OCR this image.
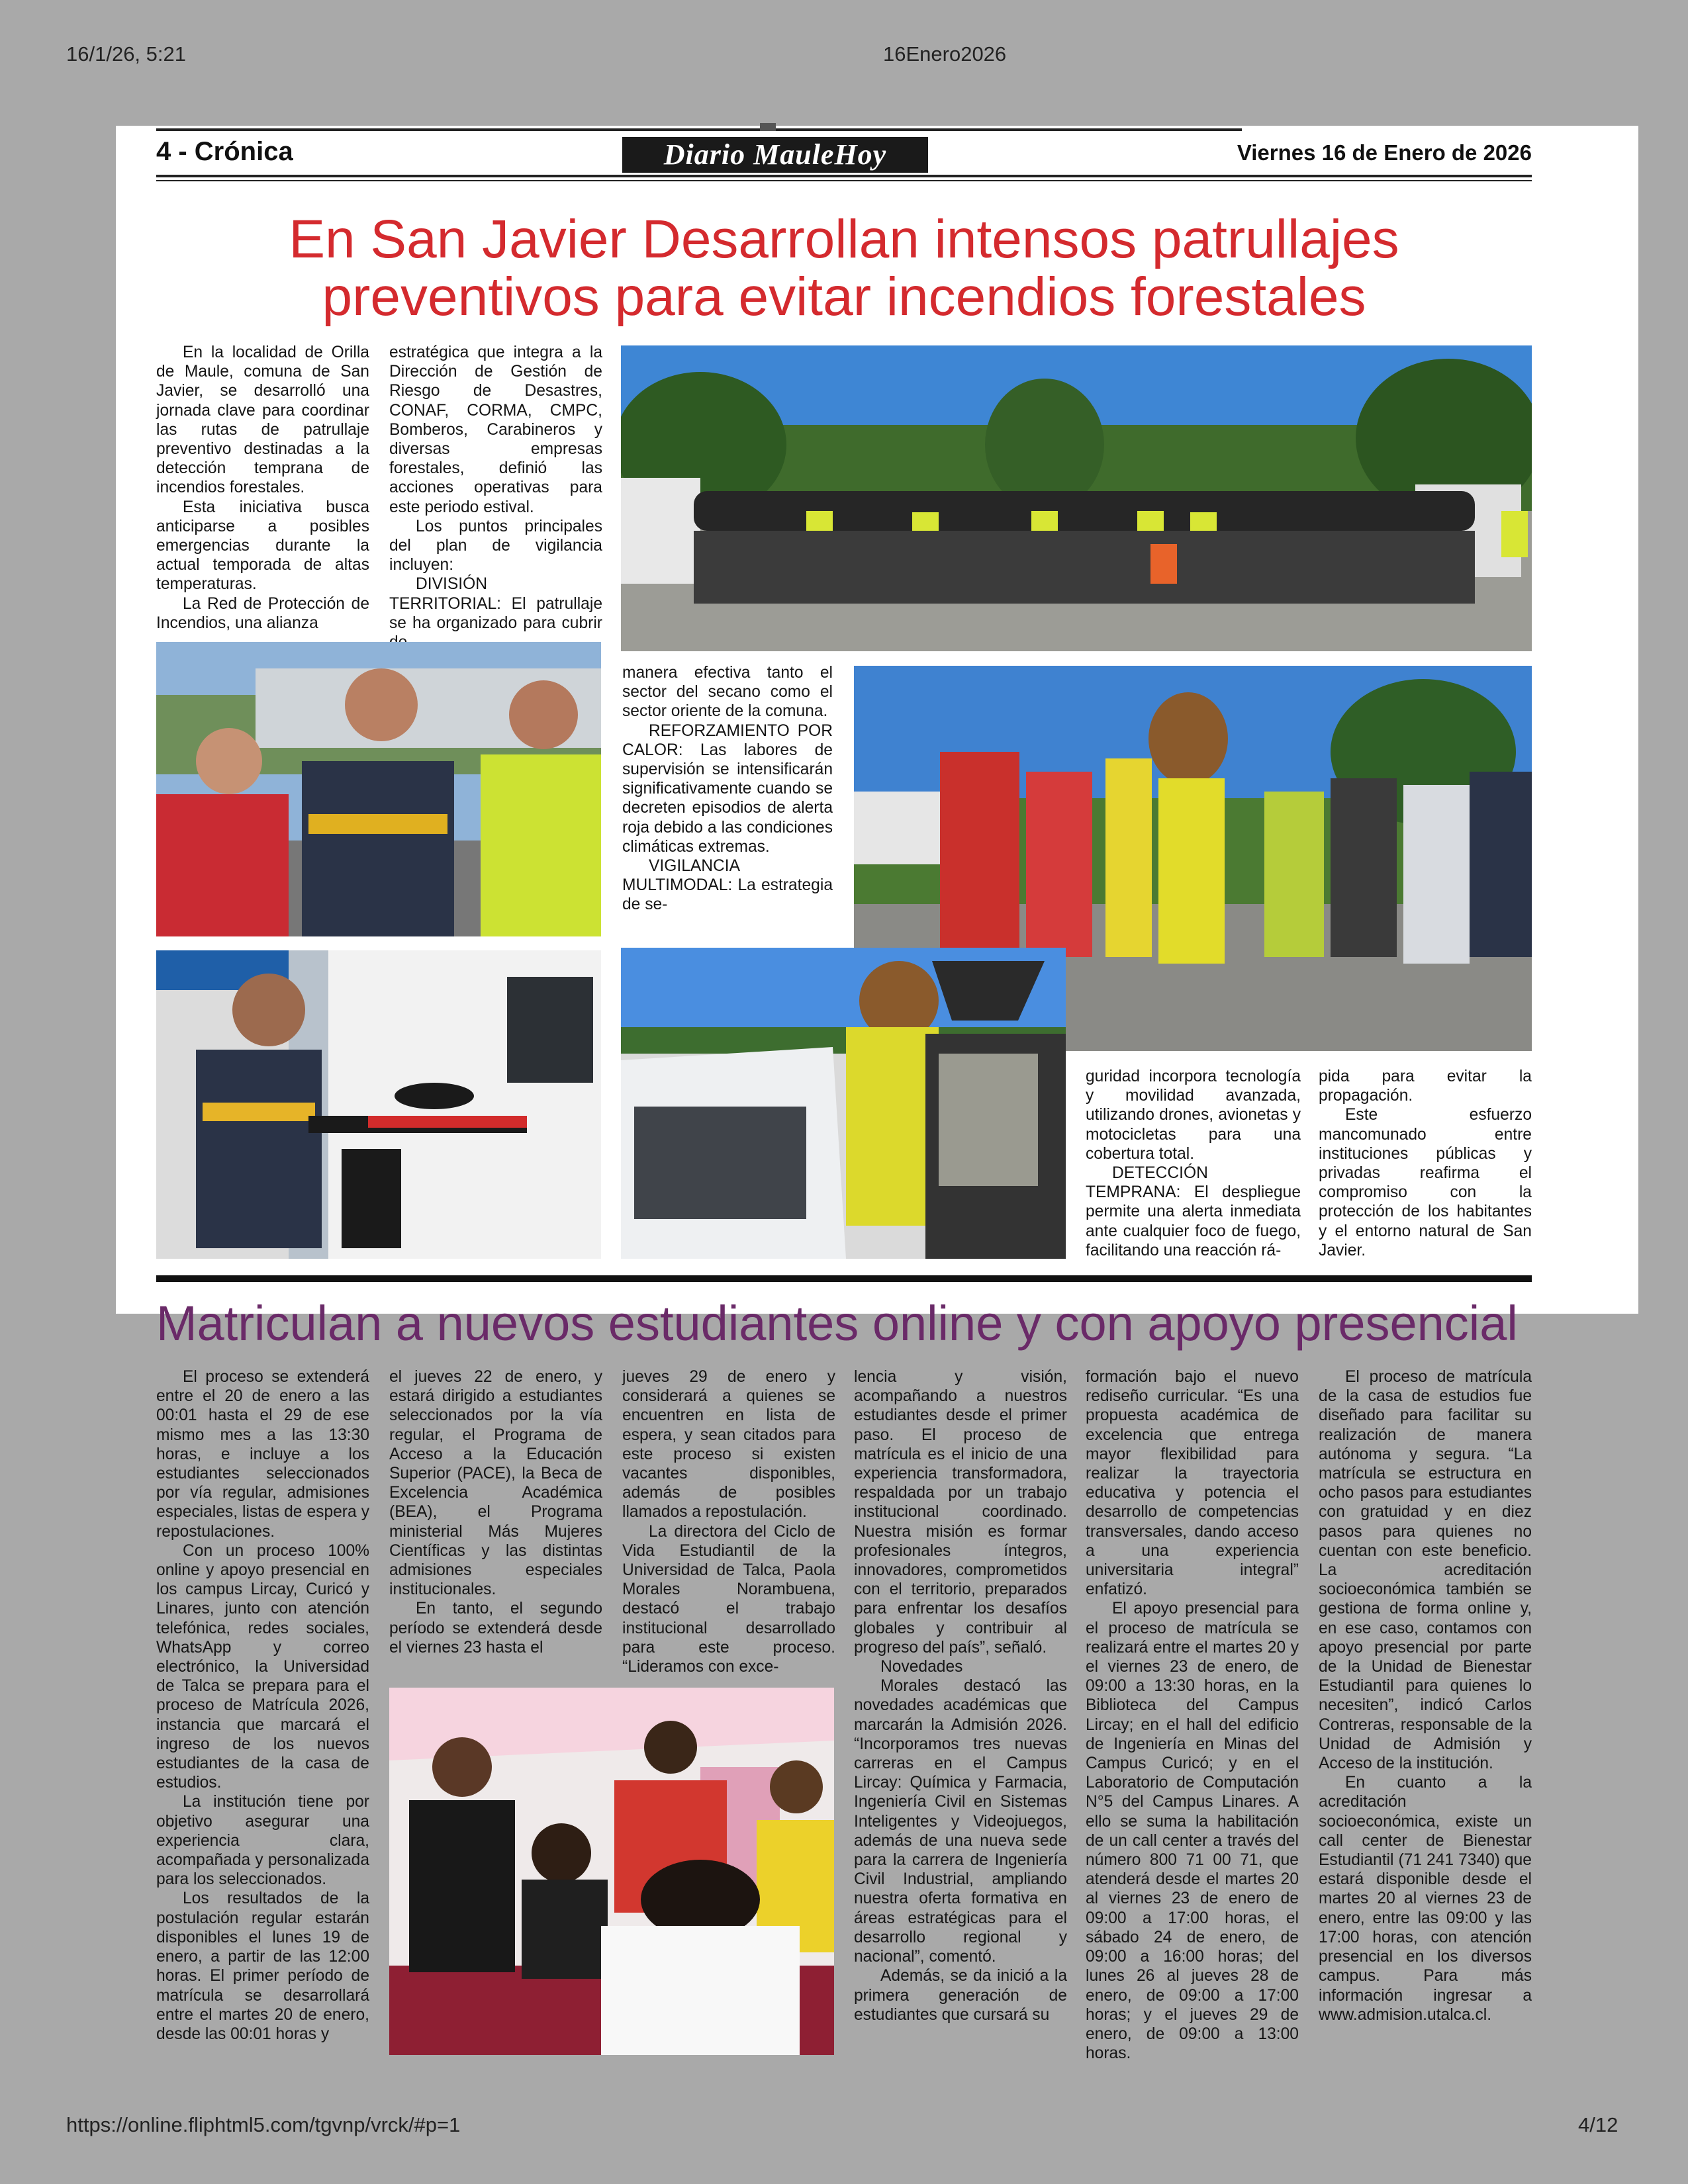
16/1/26, 5:21	16Enero2026
4 - Crónica	Diario MauleHoy	Viernes 16 de Enero de 2026
En San Javier Desarrollan intensos patrullajes
preventivos para evitar incendios forestales

En la localidad de Orilla de Maule, comuna de San Javier, se desarrolló una jornada clave para coordinar las rutas de patrullaje preventivo destinadas a la detección temprana de incendios forestales.

Esta iniciativa busca anticiparse a posibles emergencias durante la actual temporada de altas temperaturas.

La Red de Protección de Incendios, una alianza

estratégica que integra a la Dirección de Gestión de Riesgo de Desastres, CONAF, CORMA, CMPC, Bomberos, Carabineros y diversas empresas forestales, definió las acciones operativas para este periodo estival.

Los puntos principales del plan de vigilancia incluyen:

DIVISIÓN TERRITORIAL: El patrullaje se ha organizado para cubrir

manera efectiva tanto el sector del secano como el sector oriente de la comuna.

REFORZAMIENTO POR CALOR: Las labores de supervisión se intensificarán significativamente cuando se decreten episodios de alerta roja debido a las condiciones climáticas extremas.

VIGILANCIA MULTIMODAL: La estrategia de se-

guridad incorpora tecnología y movilidad avanzada, utilizando drones, avionetas y motocicletas para una cobertura total.

DETECCIÓN TEMPRANA: El despliegue permite una alerta inmediata ante cualquier foco de fuego, facilitando una reacción rá-

pida para evitar la propagación.

Este esfuerzo mancomunado entre instituciones públicas y privadas reafirma el compromiso con la protección de los habitantes y el entorno natural de San Javier.

Matriculan a nuevos estudiantes online y con apoyo presencial

El proceso se extenderá entre el 20 de enero a las 00:01 hasta el 29 de ese mismo mes a las 13:30 horas, e incluye a los estudiantes seleccionados por vía regular, admisiones especiales, listas de espera y repostulaciones.

Con un proceso 100% online y apoyo presencial en los campus Lircay, Curicó y Linares, junto con atención telefónica, redes sociales, WhatsApp y correo electrónico, la Universidad de Talca se prepara para el proceso de Matrícula 2026, instancia que marcará el ingreso de los nuevos estudiantes de la casa de estudios.

La institución tiene por objetivo asegurar una experiencia clara, acompañada y personalizada para los seleccionados.

Los resultados de la postulación regular estarán disponibles el lunes 19 de enero, a partir de las 12:00 horas. El primer período de matrícula se desarrollará entre el martes 20 de enero, desde las 00:01 horas y

el jueves 22 de enero, y estará dirigido a estudiantes seleccionados por la vía regular, el Programa de Acceso a la Educación Superior (PACE), la Beca de Excelencia Académica (BEA), el Programa ministerial Más Mujeres Científicas y las distintas admisiones especiales institucionales.

En tanto, el segundo período se extenderá desde el viernes 23 hasta el

jueves 29 de enero y considerará a quienes se encuentren en lista de espera, y sean citados para este proceso si existen vacantes disponibles, además de posibles llamados a repostulación.

La directora del Ciclo de Vida Estudiantil de la Universidad de Talca, Paola Morales Norambuena, destacó el trabajo institucional desarrollado para este proceso. “Lideramos con exce-

lencia y visión, acompañando a nuestros estudiantes desde el primer paso. El proceso de matrícula es el inicio de una experiencia transformadora, respaldada por un trabajo institucional coordinado. Nuestra misión es formar profesionales íntegros, innovadores, comprometidos con el territorio, preparados para enfrentar los desafíos globales y contribuir al progreso del país”, señaló.

Novedades

Morales destacó las novedades académicas que marcarán la Admisión 2026. “Incorporamos tres nuevas carreras en el Campus Lircay: Química y Farmacia, Ingeniería Civil en Sistemas Inteligentes y Videojuegos, además de una nueva sede para la carrera de Ingeniería Civil Industrial, ampliando nuestra oferta formativa en áreas estratégicas para el desarrollo regional y nacional”, comentó.

Además, se da inició a la primera generación de estudiantes que cursará su

formación bajo el nuevo rediseño curricular. “Es una propuesta académica de excelencia que entrega mayor flexibilidad para realizar la trayectoria educativa y potencia el desarrollo de competencias transversales, dando acceso a una experiencia universitaria integral” enfatizó.

El apoyo presencial para el proceso de matrícula se realizará entre el martes 20 y el viernes 23 de enero, de 09:00 a 13:30 horas, en la Biblioteca del Campus Lircay; en el hall del edificio de Ingeniería en Minas del Campus Curicó; y en el Laboratorio de Computación N°5 del Campus Linares. A ello se suma la habilitación de un call center a través del número 800 71 00 71, que atenderá desde el martes 20 al viernes 23 de enero de 09:00 a 17:00 horas, el sábado 24 de enero, de 09:00 a 16:00 horas; del lunes 26 al jueves 28 de enero, de 09:00 a 17:00 horas; y el jueves 29 de enero, de 09:00 a 13:00 horas.

El proceso de matrícula de la casa de estudios fue diseñado para facilitar su realización de manera autónoma y segura. “La matrícula se estructura en ocho pasos para estudiantes con gratuidad y en diez pasos para quienes no cuentan con este beneficio. La acreditación socioeconómica también se gestiona de forma online y, en ese caso, contamos con apoyo presencial por parte de la Unidad de Bienestar Estudiantil para quienes lo necesiten”, indicó Carlos Contreras, responsable de la Unidad de Admisión y Acceso de la institución.

En cuanto a la acreditación socioeconómica, existe un call center de Bienestar Estudiantil (71 241 7340) que estará disponible desde el martes 20 al viernes 23 de enero, entre las 09:00 y las 17:00 horas, con atención presencial en los diversos campus. Para más información ingresar a www.admision.utalca.cl.

https://online.fliphtml5.com/tgvnp/vrck/#p=1	4/12
